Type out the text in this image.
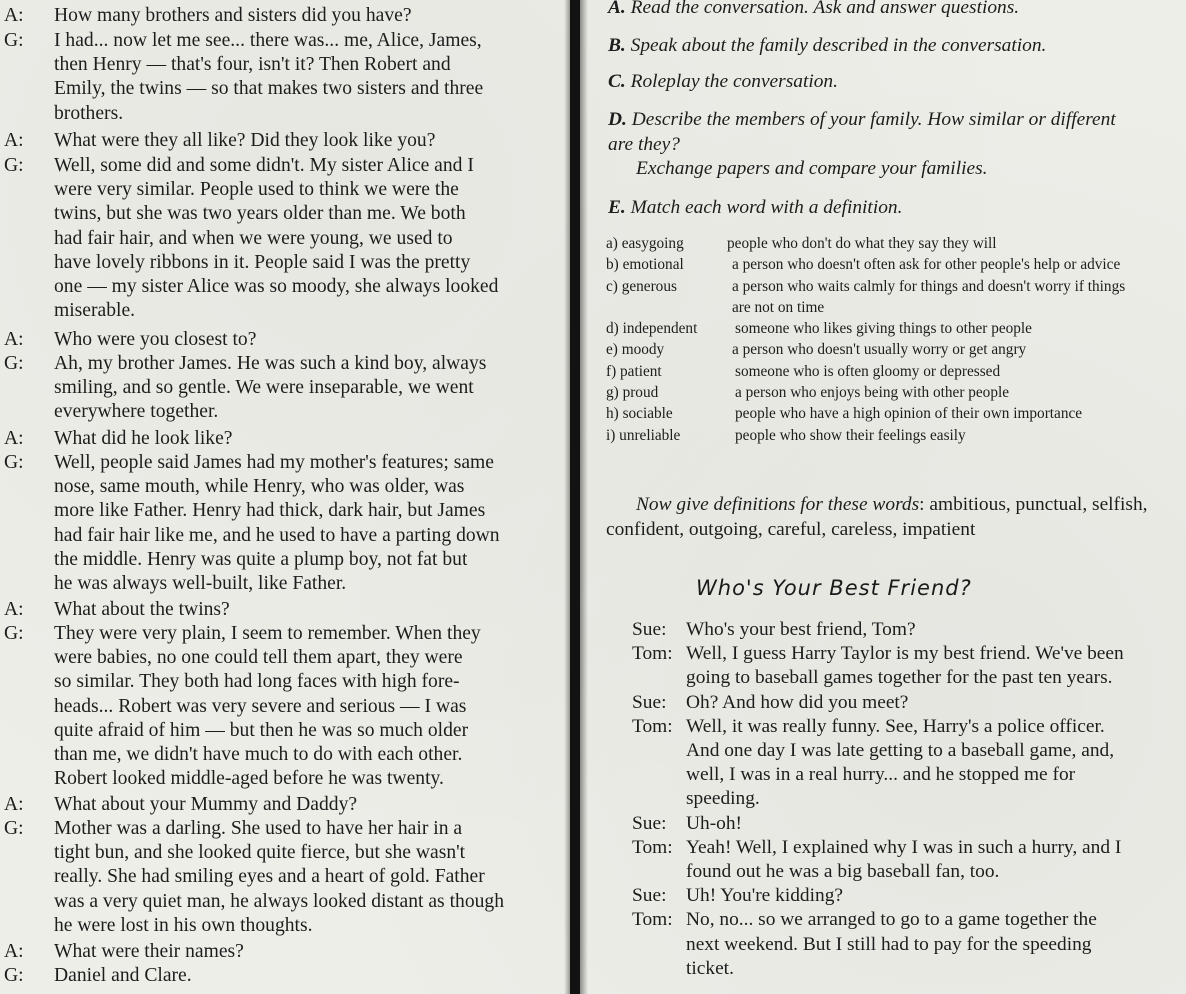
A:	How many brothers and sisters did you have?
G:	I had... now let me see... there was... me, Alice, James,
then Henry — that's four, isn't it? Then Robert and
Emily, the twins — so that makes two sisters and three
brothers.
A:	What were they all like? Did they look like you?
G:	Well, some did and some didn't. My sister Alice and I
were very similar. People used to think we were the
twins, but she was two years older than me. We both
had fair hair, and when we were young, we used to
have lovely ribbons in it. People said I was the pretty
one — my sister Alice was so moody, she always looked
miserable.
A:	Who were you closest to?
G:	Ah, my brother James. He was such a kind boy, always
smiling, and so gentle. We were inseparable, we went
everywhere together.
A:	What did he look like?
G:	Well, people said James had my mother's features; same
nose, same mouth, while Henry, who was older, was
more like Father. Henry had thick, dark hair, but James
had fair hair like me, and he used to have a parting down
the middle. Henry was quite a plump boy, not fat but
he was always well-built, like Father.
A:	What about the twins?
G:	They were very plain, I seem to remember. When they
were babies, no one could tell them apart, they were
so similar. They both had long faces with high fore-
heads... Robert was very severe and serious — I was
quite afraid of him — but then he was so much older
than me, we didn't have much to do with each other.
Robert looked middle-aged before he was twenty.
A:	What about your Mummy and Daddy?
G:	Mother was a darling. She used to have her hair in a
tight bun, and she looked quite fierce, but she wasn't
really. She had smiling eyes and a heart of gold. Father
was a very quiet man, he always looked distant as though
he were lost in his own thoughts.
A:	What were their names?
G:	Daniel and Clare.
A. Read the conversation. Ask and answer questions.
B. Speak about the family described in the conversation.
C. Roleplay the conversation.
D. Describe the members of your family. How similar or different
are they?
Exchange papers and compare your families.
E. Match each word with a definition.
a) easygoing	people who don't do what they say they will
b) emotional	a person who doesn't often ask for other people's help or advice
c) generous	a person who waits calmly for things and doesn't worry if things
are not on time
d) independent	someone who likes giving things to other people
e) moody	a person who doesn't usually worry or get angry
f) patient	someone who is often gloomy or depressed
g) proud	a person who enjoys being with other people
h) sociable	people who have a high opinion of their own importance
i) unreliable	people who show their feelings easily
Now give definitions for these words: ambitious, punctual, selfish, confident, outgoing, careful, careless, impatient
Who's Your Best Friend?
Sue: Who's your best friend, Tom?
Tom: Well, I guess Harry Taylor is my best friend. We've been
going to baseball games together for the past ten years.
Sue: Oh? And how did you meet?
Tom: Well, it was really funny. See, Harry's a police officer.
And one day I was late getting to a baseball game, and,
well, I was in a real hurry... and he stopped me for
speeding.
Sue: Uh-oh!
Tom: Yeah! Well, I explained why I was in such a hurry, and I
found out he was a big baseball fan, too.
Sue: Uh! You're kidding?
Tom: No, no... so we arranged to go to a game together the
next weekend. But I still had to pay for the speeding
ticket.
